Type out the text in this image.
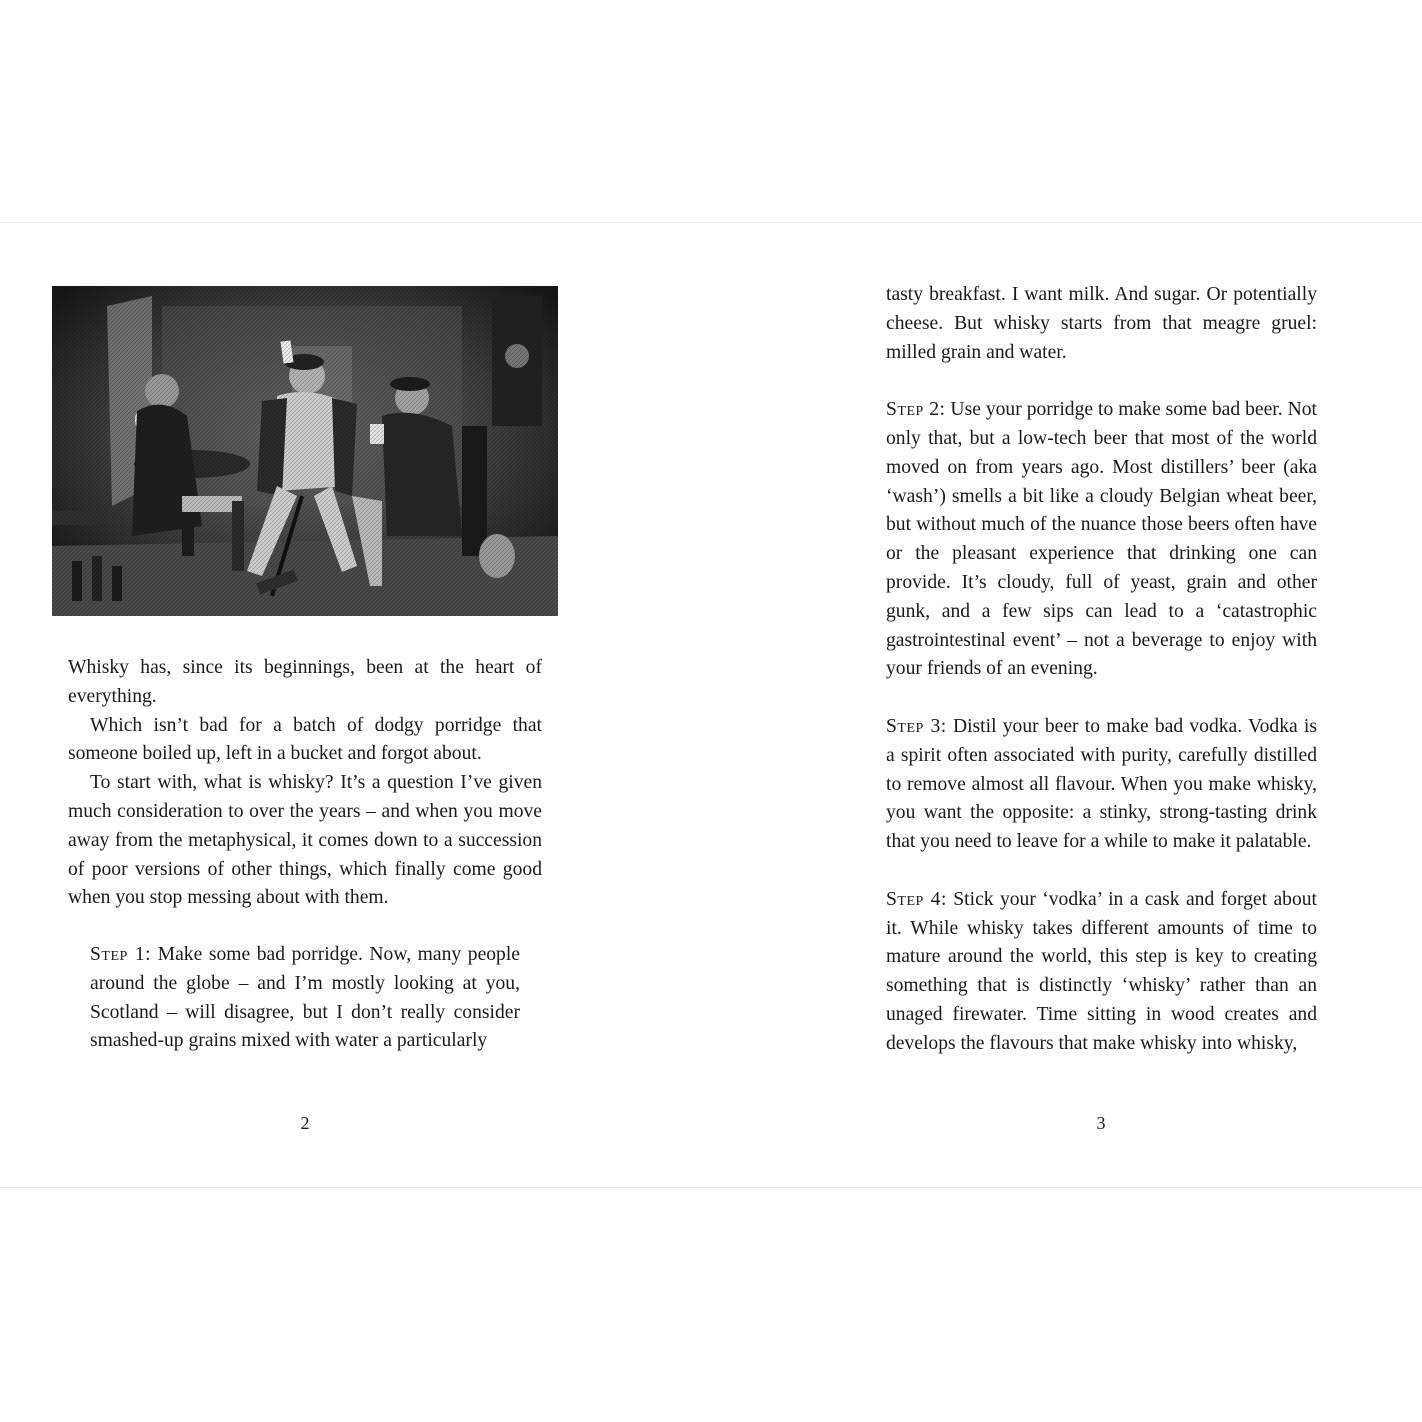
Whisky has, since its beginnings, been at the heart of everything.

Which isn’t bad for a batch of dodgy porridge that someone boiled up, left in a bucket and forgot about.

To start with, what is whisky? It’s a question I’ve given much consideration to over the years – and when you move away from the metaphysical, it comes down to a succession of poor versions of other things, which finally come good when you stop messing about with them.

Step 1: Make some bad porridge. Now, many people around the globe – and I’m mostly looking at you, Scotland – will disagree, but I don’t really consider smashed-up grains mixed with water a particularly

2

tasty breakfast. I want milk. And sugar. Or potentially cheese. But whisky starts from that meagre gruel: milled grain and water.

Step 2: Use your porridge to make some bad beer. Not only that, but a low-tech beer that most of the world moved on from years ago. Most distillers’ beer (aka ‘wash’) smells a bit like a cloudy Belgian wheat beer, but without much of the nuance those beers often have or the pleasant experience that drinking one can provide. It’s cloudy, full of yeast, grain and other gunk, and a few sips can lead to a ‘catastrophic gastrointestinal event’ – not a beverage to enjoy with your friends of an evening.

Step 3: Distil your beer to make bad vodka. Vodka is a spirit often associated with purity, carefully distilled to remove almost all flavour. When you make whisky, you want the opposite: a stinky, strong-tasting drink that you need to leave for a while to make it palatable.

Step 4: Stick your ‘vodka’ in a cask and forget about it. While whisky takes different amounts of time to mature around the world, this step is key to creating something that is distinctly ‘whisky’ rather than an unaged firewater. Time sitting in wood creates and develops the flavours that make whisky into whisky,

3
